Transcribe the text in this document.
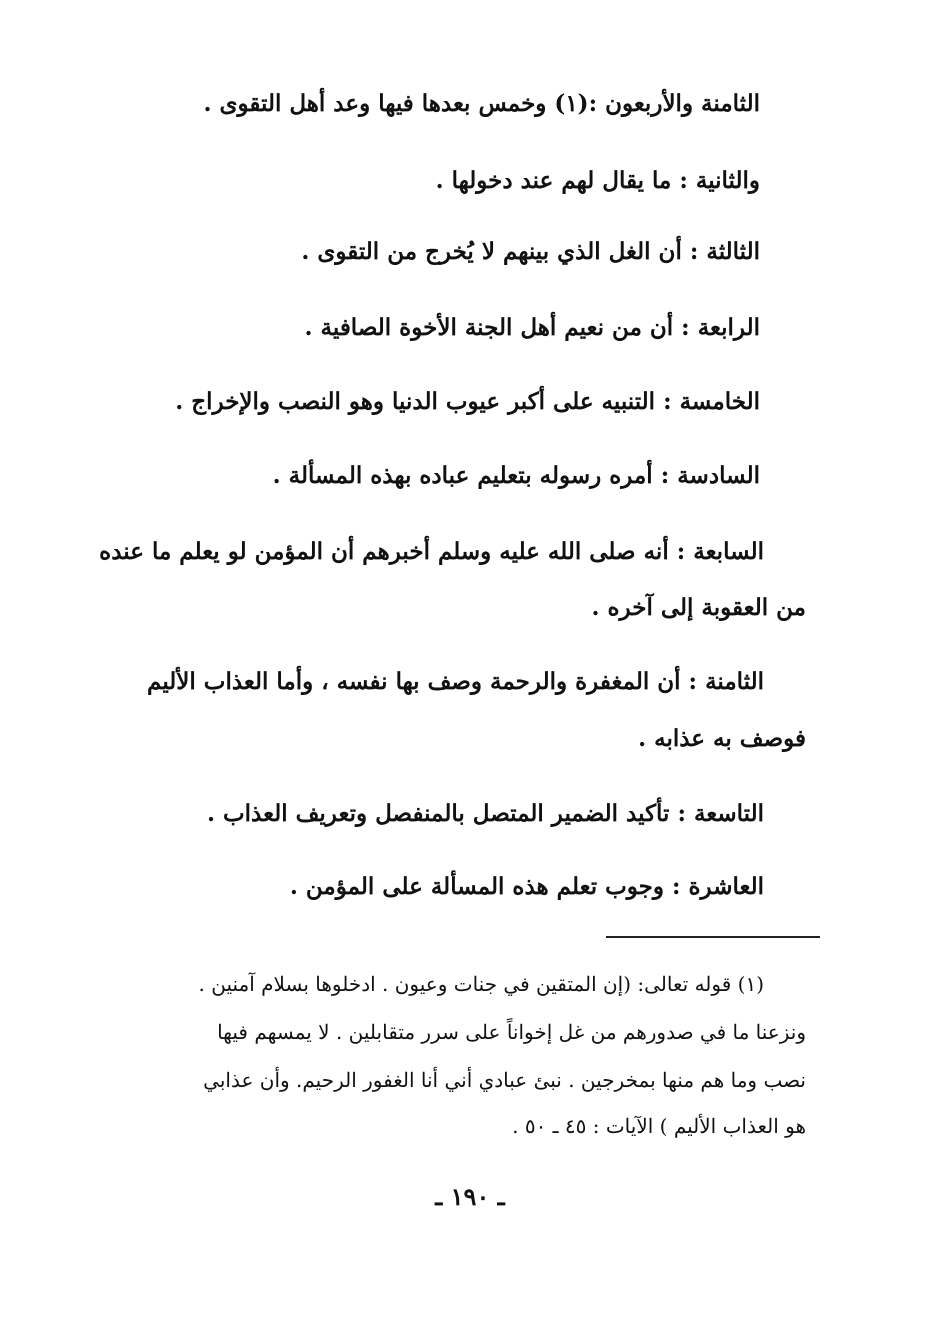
الثامنة والأربعون :(١) وخمس بعدها فيها وعد أهل التقوى .
والثانية : ما يقال لهم عند دخولها .
الثالثة : أن الغل الذي بينهم لا يُخرج من التقوى .
الرابعة : أن من نعيم أهل الجنة الأخوة الصافية .
الخامسة : التنبيه على أكبر عيوب الدنيا وهو النصب والإخراج .
السادسة : أمره رسوله بتعليم عباده بهذه المسألة .
السابعة : أنه صلى الله عليه وسلم أخبرهم أن المؤمن لو يعلم ما عنده
من العقوبة إلى آخره .
الثامنة : أن المغفرة والرحمة وصف بها نفسه ، وأما العذاب الأليم
فوصف به عذابه .
التاسعة : تأكيد الضمير المتصل بالمنفصل وتعريف العذاب .
العاشرة : وجوب تعلم هذه المسألة على المؤمن .
(١) قوله تعالى: (إن المتقين في جنات وعيون . ادخلوها بسلام آمنين .
ونزعنا ما في صدورهم من غل إخواناً على سرر متقابلين . لا يمسهم فيها
نصب وما هم منها بمخرجين . نبئ عبادي أني أنا الغفور الرحيم. وأن عذابي
هو العذاب الأليم ) الآيات : ٤٥ ـ ٥٠ .
ـ ١٩٠ ـ
